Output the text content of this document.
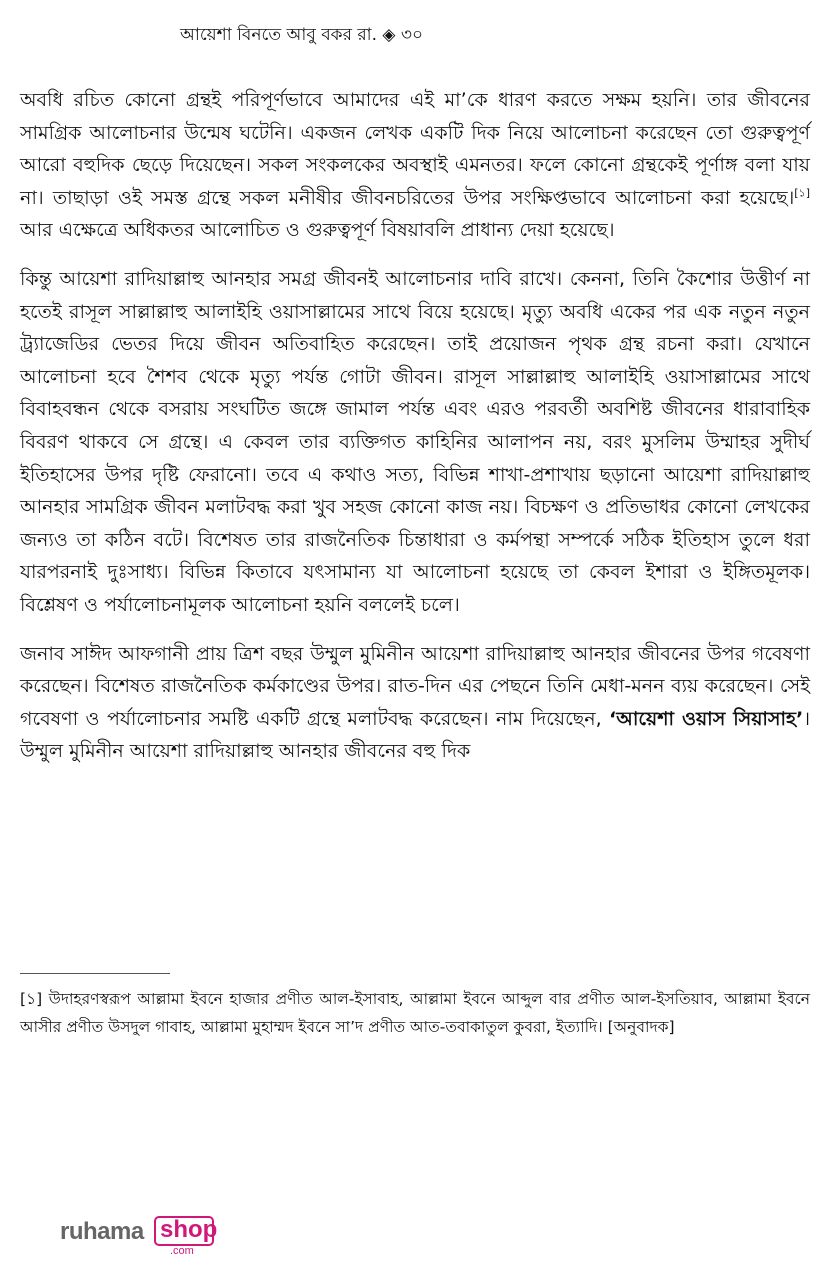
আয়েশা বিনতে আবু বকর রা. ◈ ৩০

অবধি রচিত কোনো গ্রন্থই পরিপূর্ণভাবে আমাদের এই মা’কে ধারণ করতে সক্ষম হয়নি। তার জীবনের সামগ্রিক আলোচনার উন্মেষ ঘটেনি। একজন লেখক একটি দিক নিয়ে আলোচনা করেছেন তো গুরুত্বপূর্ণ আরো বহুদিক ছেড়ে দিয়েছেন। সকল সংকলকের অবস্থাই এমনতর। ফলে কোনো গ্রন্থকেই পূর্ণাঙ্গ বলা যায় না। তাছাড়া ওই সমস্ত গ্রন্থে সকল মনীষীর জীবনচরিতের উপর সংক্ষিপ্তভাবে আলোচনা করা হয়েছে।[১] আর এক্ষেত্রে অধিকতর আলোচিত ও গুরুত্বপূর্ণ বিষয়াবলি প্রাধান্য দেয়া হয়েছে।

কিন্তু আয়েশা রাদিয়াল্লাহু আনহার সমগ্র জীবনই আলোচনার দাবি রাখে। কেননা, তিনি কৈশোর উত্তীর্ণ না হতেই রাসূল সাল্লাল্লাহু আলাইহি ওয়াসাল্লামের সাথে বিয়ে হয়েছে। মৃত্যু অবধি একের পর এক নতুন নতুন ট্র্যাজেডির ভেতর দিয়ে জীবন অতিবাহিত করেছেন। তাই প্রয়োজন পৃথক গ্রন্থ রচনা করা। যেখানে আলোচনা হবে শৈশব থেকে মৃত্যু পর্যন্ত গোটা জীবন। রাসূল সাল্লাল্লাহু আলাইহি ওয়াসাল্লামের সাথে বিবাহবন্ধন থেকে বসরায় সংঘটিত জঙ্গে জামাল পর্যন্ত এবং এরও পরবর্তী অবশিষ্ট জীবনের ধারাবাহিক বিবরণ থাকবে সে গ্রন্থে। এ কেবল তার ব্যক্তিগত কাহিনির আলাপন নয়, বরং মুসলিম উম্মাহর সুদীর্ঘ ইতিহাসের উপর দৃষ্টি ফেরানো। তবে এ কথাও সত্য, বিভিন্ন শাখা-প্রশাখায় ছড়ানো আয়েশা রাদিয়াল্লাহু আনহার সামগ্রিক জীবন মলাটবদ্ধ করা খুব সহজ কোনো কাজ নয়। বিচক্ষণ ও প্রতিভাধর কোনো লেখকের জন্যও তা কঠিন বটে। বিশেষত তার রাজনৈতিক চিন্তাধারা ও কর্মপন্থা সম্পর্কে সঠিক ইতিহাস তুলে ধরা যারপরনাই দুঃসাধ্য। বিভিন্ন কিতাবে যৎসামান্য যা আলোচনা হয়েছে তা কেবল ইশারা ও ইঙ্গিতমূলক। বিশ্লেষণ ও পর্যালোচনামূলক আলোচনা হয়নি বললেই চলে।

জনাব সাঈদ আফগানী প্রায় ত্রিশ বছর উম্মুল মুমিনীন আয়েশা রাদিয়াল্লাহু আনহার জীবনের উপর গবেষণা করেছেন। বিশেষত রাজনৈতিক কর্মকাণ্ডের উপর। রাত-দিন এর পেছনে তিনি মেধা-মনন ব্যয় করেছেন। সেই গবেষণা ও পর্যালোচনার সমষ্টি একটি গ্রন্থে মলাটবদ্ধ করেছেন। নাম দিয়েছেন, ‘আয়েশা ওয়াস সিয়াসাহ’। উম্মুল মুমিনীন আয়েশা রাদিয়াল্লাহু আনহার জীবনের বহু দিক

[১] উদাহরণস্বরূপ আল্লামা ইবনে হাজার প্রণীত আল-ইসাবাহ, আল্লামা ইবনে আব্দুল বার প্রণীত আল-ইসতিয়াব, আল্লামা ইবনে আসীর প্রণীত উসদুল গাবাহ, আল্লামা মুহাম্মদ ইবনে সা’দ প্রণীত আত-তবাকাতুল কুবরা, ইত্যাদি। [অনুবাদক]
ruhama shop
.com
